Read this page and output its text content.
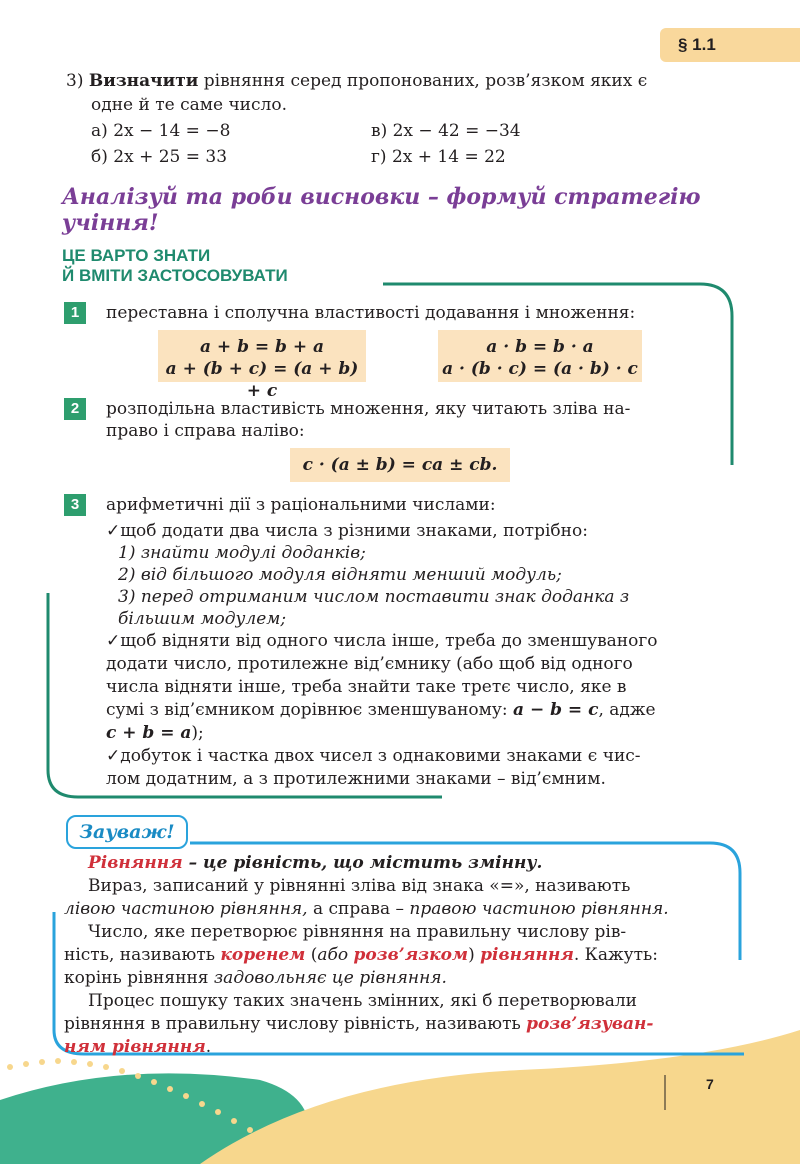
§ 1.1
3) Визначити рівняння серед пропонованих, розв’язком яких є
одне й те саме число.
а) 2x − 14 = −8	в) 2x − 42 = −34
б) 2x + 25 = 33	г) 2x + 14 = 22
Аналізуй та роби висновки – формуй стратегію
учіння!
ЦЕ ВАРТО ЗНАТИ
Й ВМІТИ ЗАСТОСОВУВАТИ
1	переставна і сполучна властивості додавання і множення:
a + b = b + a
a + (b + c) = (a + b) + c
a · b = b · a
a · (b · c) = (a · b) · c
2	розподільна властивість множення, яку читають зліва на-
право і справа наліво:
c · (a ± b) = ca ± cb.
3	арифметичні дії з раціональними числами:
✓щоб додати два числа з різними знаками, потрібно:
1) знайти модулі доданків;
2) від більшого модуля відняти менший модуль;
3) перед отриманим числом поставити знак доданка з
більшим модулем;
✓щоб відняти від одного числа інше, треба до зменшуваного
додати число, протилежне від’ємнику (або щоб від одного
числа відняти інше, треба знайти таке третє число, яке в
сумі з від’ємником дорівнює зменшуваному: a − b = c, адже
c + b = a);
✓добуток і частка двох чисел з однаковими знаками є чис-
лом додатним, а з протилежними знаками – від’ємним.
Зауваж!
Рівняння – це рівність, що містить змінну.
Вираз, записаний у рівнянні зліва від знака «=», називають
лівою частиною рівняння, а справа – правою частиною рівняння.
Число, яке перетворює рівняння на правильну числову рів-
ність, називають коренем (або розв’язком) рівняння. Кажуть:
корінь рівняння задовольняє це рівняння.
Процес пошуку таких значень змінних, які б перетворювали
рівняння в правильну числову рівність, називають розв’язуван-
ням рівняння.
7
